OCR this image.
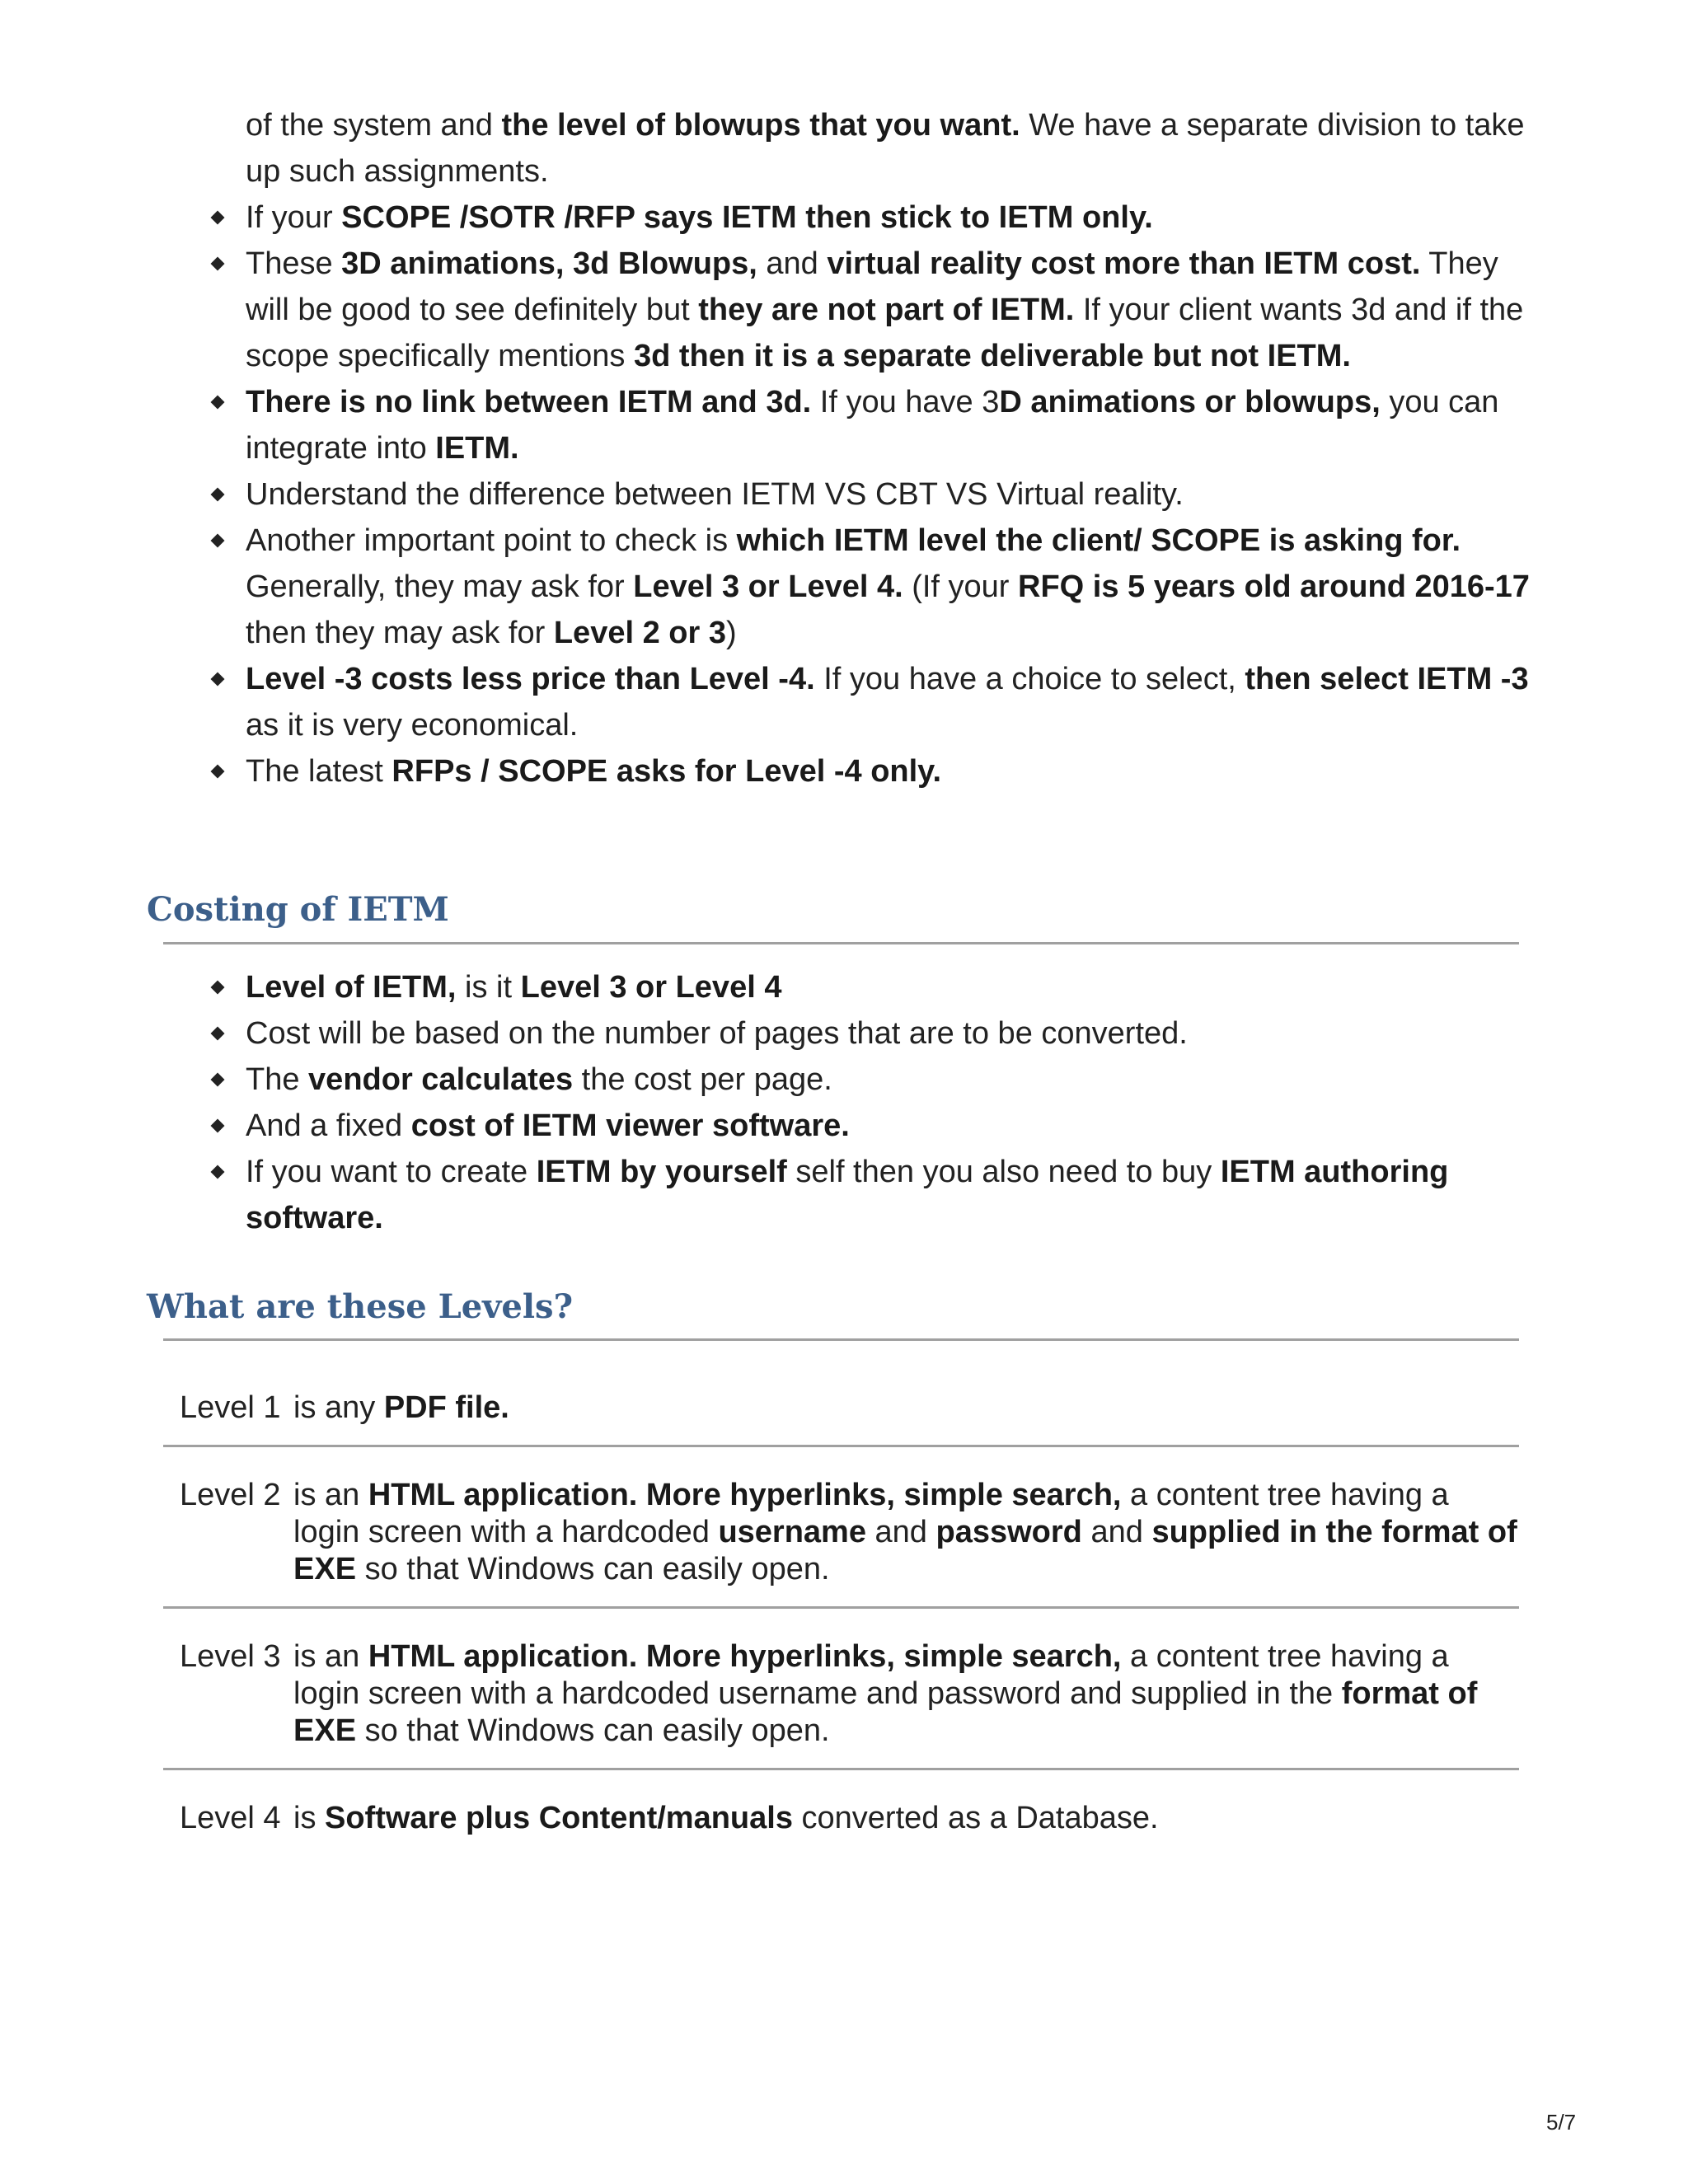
of the system and the level of blowups that you want. We have a separate division to take up such assignments.

If your SCOPE /SOTR /RFP says IETM then stick to IETM only.
These 3D animations, 3d Blowups, and virtual reality cost more than IETM cost. They will be good to see definitely but they are not part of IETM. If your client wants 3d and if the scope specifically mentions 3d then it is a separate deliverable but not IETM.
There is no link between IETM and 3d. If you have 3D animations or blowups, you can integrate into IETM.
Understand the difference between IETM VS CBT VS Virtual reality.
Another important point to check is which IETM level the client/ SCOPE is asking for. Generally, they may ask for Level 3 or Level 4. (If your RFQ is 5 years old around 2016-17 then they may ask for Level 2 or 3)
Level -3 costs less price than Level -4. If you have a choice to select, then select IETM -3 as it is very economical.
The latest RFPs / SCOPE asks for Level -4 only.
Costing of IETM
Level of IETM, is it Level 3 or Level 4
Cost will be based on the number of pages that are to be converted.
The vendor calculates the cost per page.
And a fixed cost of IETM viewer software.
If you want to create IETM by yourself self then you also need to buy IETM authoring software.
What are these Levels?
Level 1	is any PDF file.
Level 2	is an HTML application. More hyperlinks, simple search, a content tree having a login screen with a hardcoded username and password and supplied in the format of EXE so that Windows can easily open.
Level 3	is an HTML application. More hyperlinks, simple search, a content tree having a login screen with a hardcoded username and password and supplied in the format of EXE so that Windows can easily open.
Level 4	is Software plus Content/manuals converted as a Database.
5/7
